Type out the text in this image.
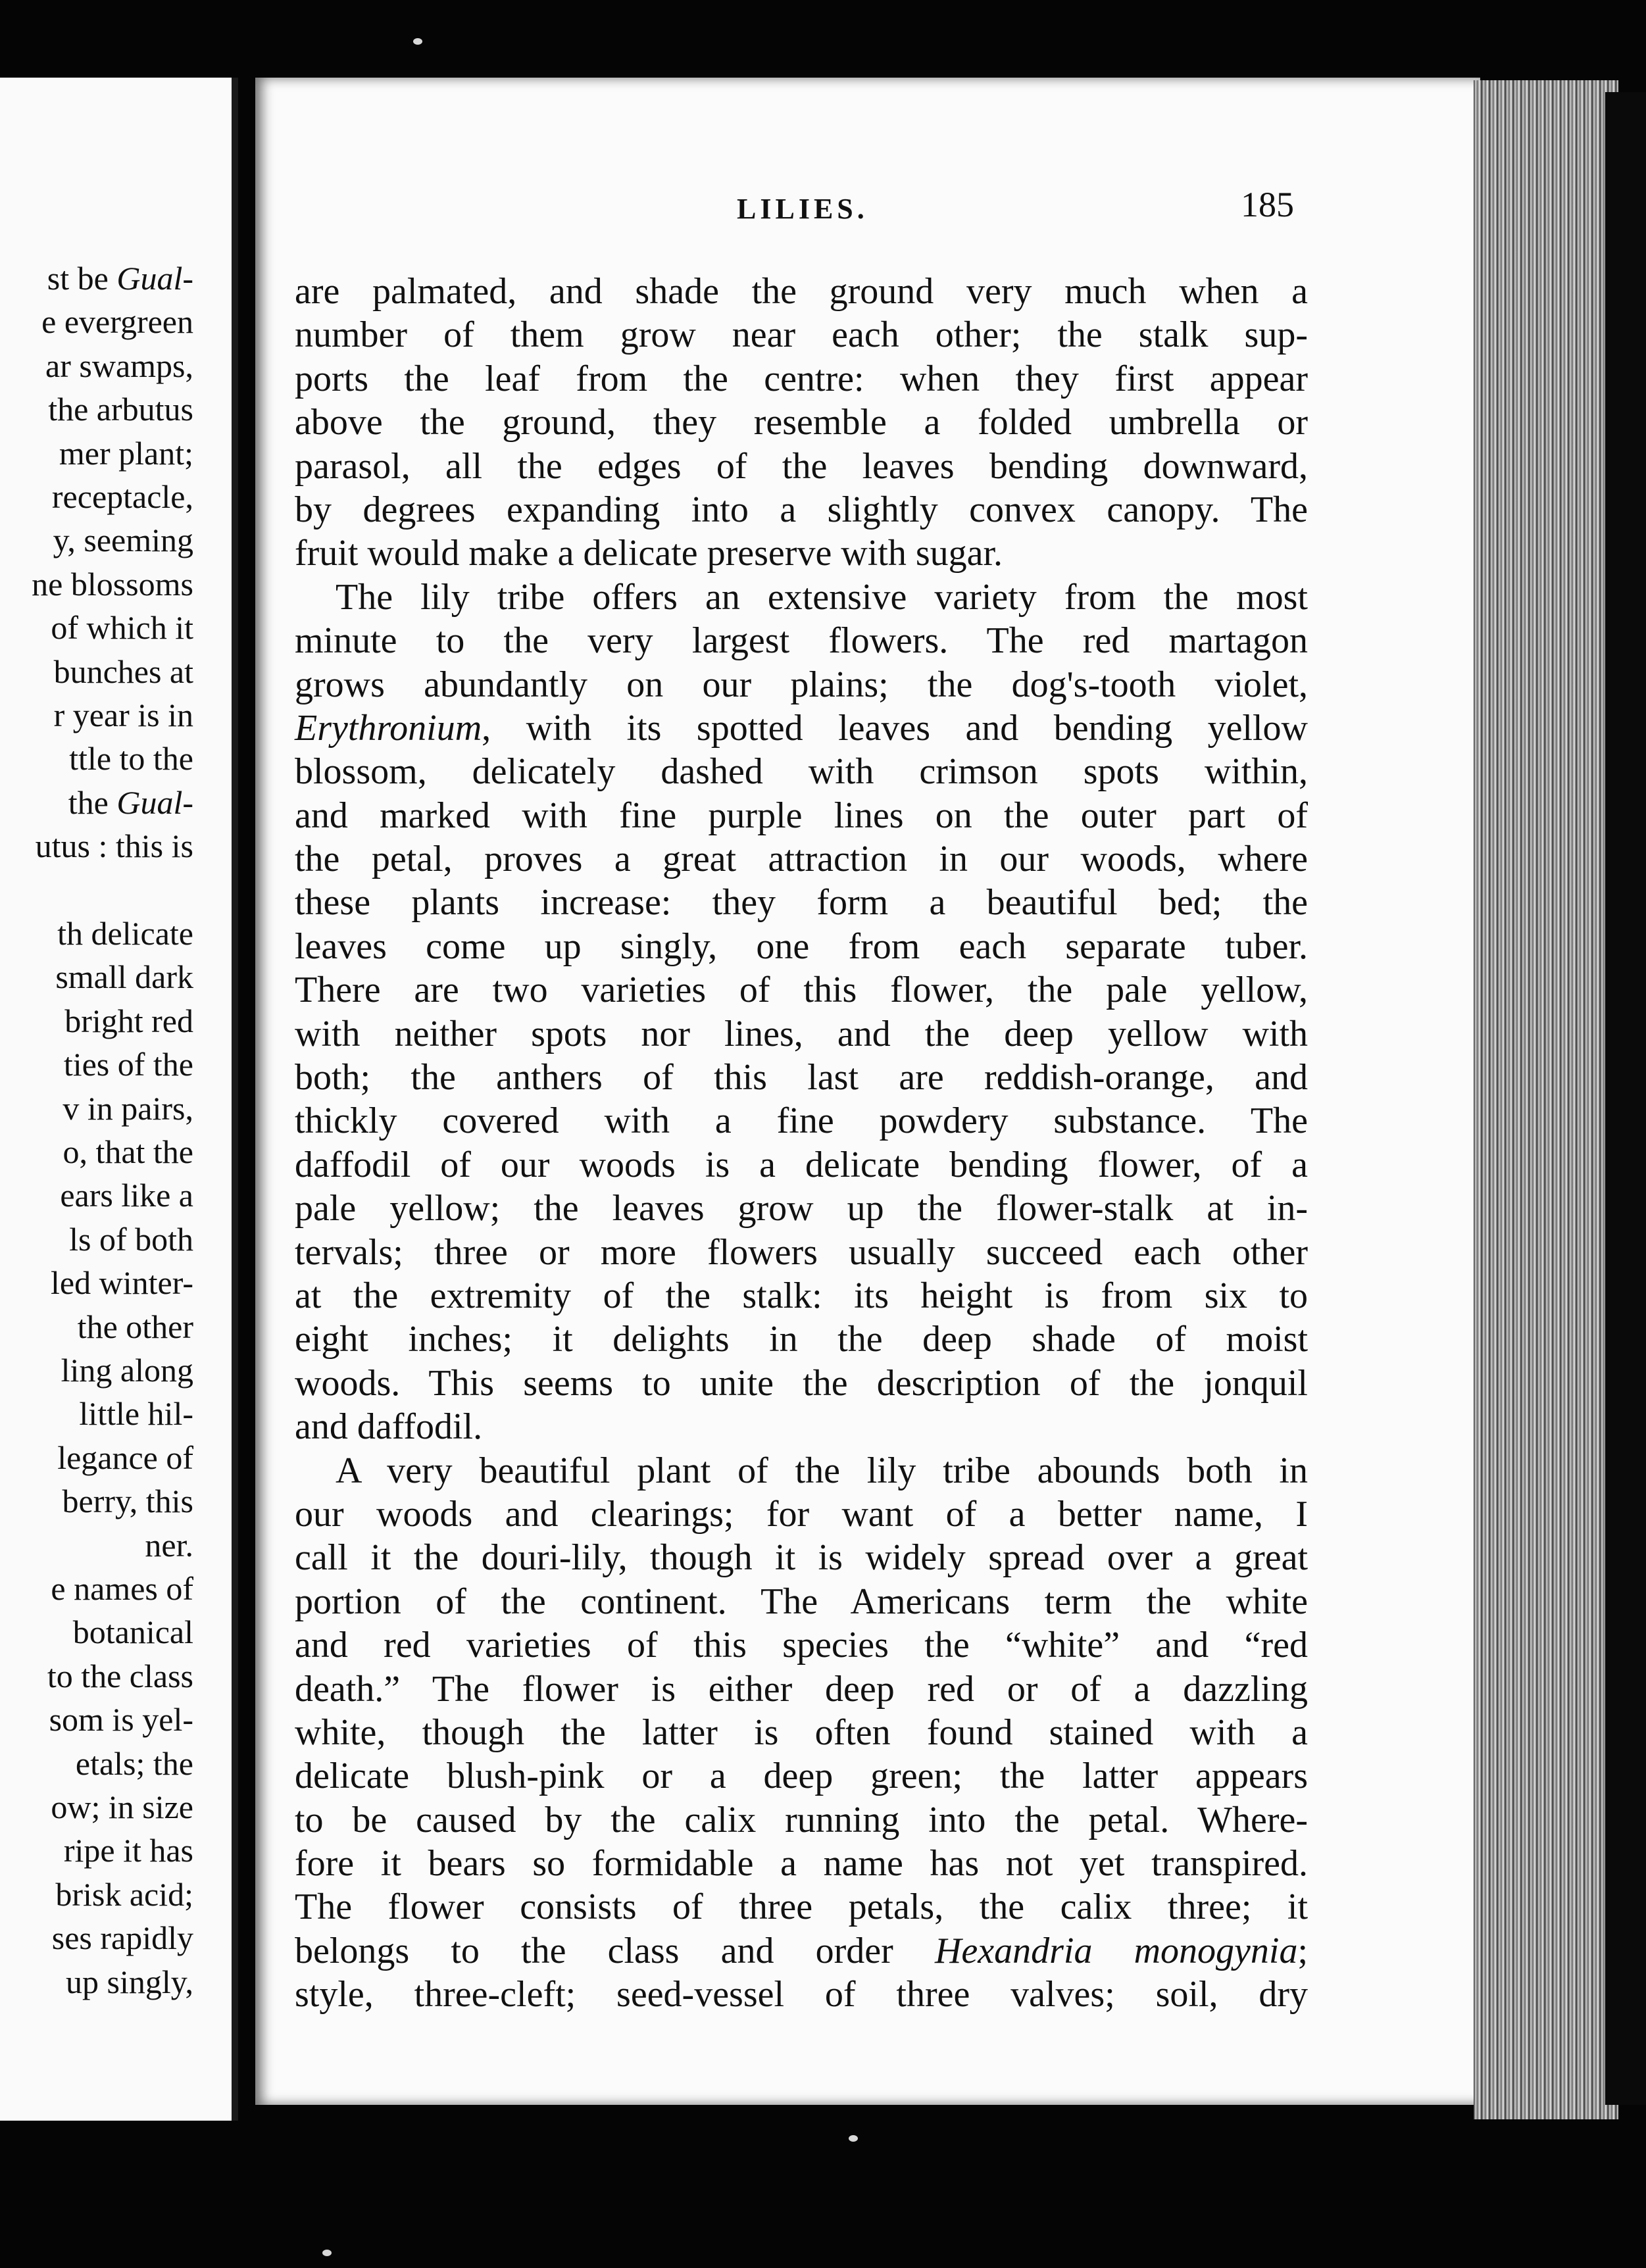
st be Gual-
e evergreen
ar swamps,
the arbutus
mer plant;
receptacle,
y, seeming
ne blossoms
of which it
bunches at
r year is in
ttle to the
the Gual-
utus : this is
th delicate
small dark
bright red
ties of the
v in pairs,
o, that the
ears like a
ls of both
led winter-
the other
ling along
little hil-
legance of
berry, this
ner.
e names of
botanical
to the class
som is yel-
etals; the
ow; in size
ripe it has
brisk acid;
ses rapidly
up singly,
LILIES.	185
are palmated, and shade the ground very much when a
number of them grow near each other; the stalk sup-
ports the leaf from the centre: when they first appear
above the ground, they resemble a folded umbrella or
parasol, all the edges of the leaves bending downward,
by degrees expanding into a slightly convex canopy. The
fruit would make a delicate preserve with sugar.
The lily tribe offers an extensive variety from the most
minute to the very largest flowers. The red martagon
grows abundantly on our plains; the dog's-tooth violet,
Erythronium, with its spotted leaves and bending yellow
blossom, delicately dashed with crimson spots within,
and marked with fine purple lines on the outer part of
the petal, proves a great attraction in our woods, where
these plants increase: they form a beautiful bed; the
leaves come up singly, one from each separate tuber.
There are two varieties of this flower, the pale yellow,
with neither spots nor lines, and the deep yellow with
both; the anthers of this last are reddish-orange, and
thickly covered with a fine powdery substance. The
daffodil of our woods is a delicate bending flower, of a
pale yellow; the leaves grow up the flower-stalk at in-
tervals; three or more flowers usually succeed each other
at the extremity of the stalk: its height is from six to
eight inches; it delights in the deep shade of moist
woods. This seems to unite the description of the jonquil
and daffodil.
A very beautiful plant of the lily tribe abounds both in
our woods and clearings; for want of a better name, I
call it the douri-lily, though it is widely spread over a great
portion of the continent. The Americans term the white
and red varieties of this species the “white” and “red
death.” The flower is either deep red or of a dazzling
white, though the latter is often found stained with a
delicate blush-pink or a deep green; the latter appears
to be caused by the calix running into the petal. Where-
fore it bears so formidable a name has not yet transpired.
The flower consists of three petals, the calix three; it
belongs to the class and order Hexandria monogynia;
style, three-cleft; seed-vessel of three valves; soil, dry
